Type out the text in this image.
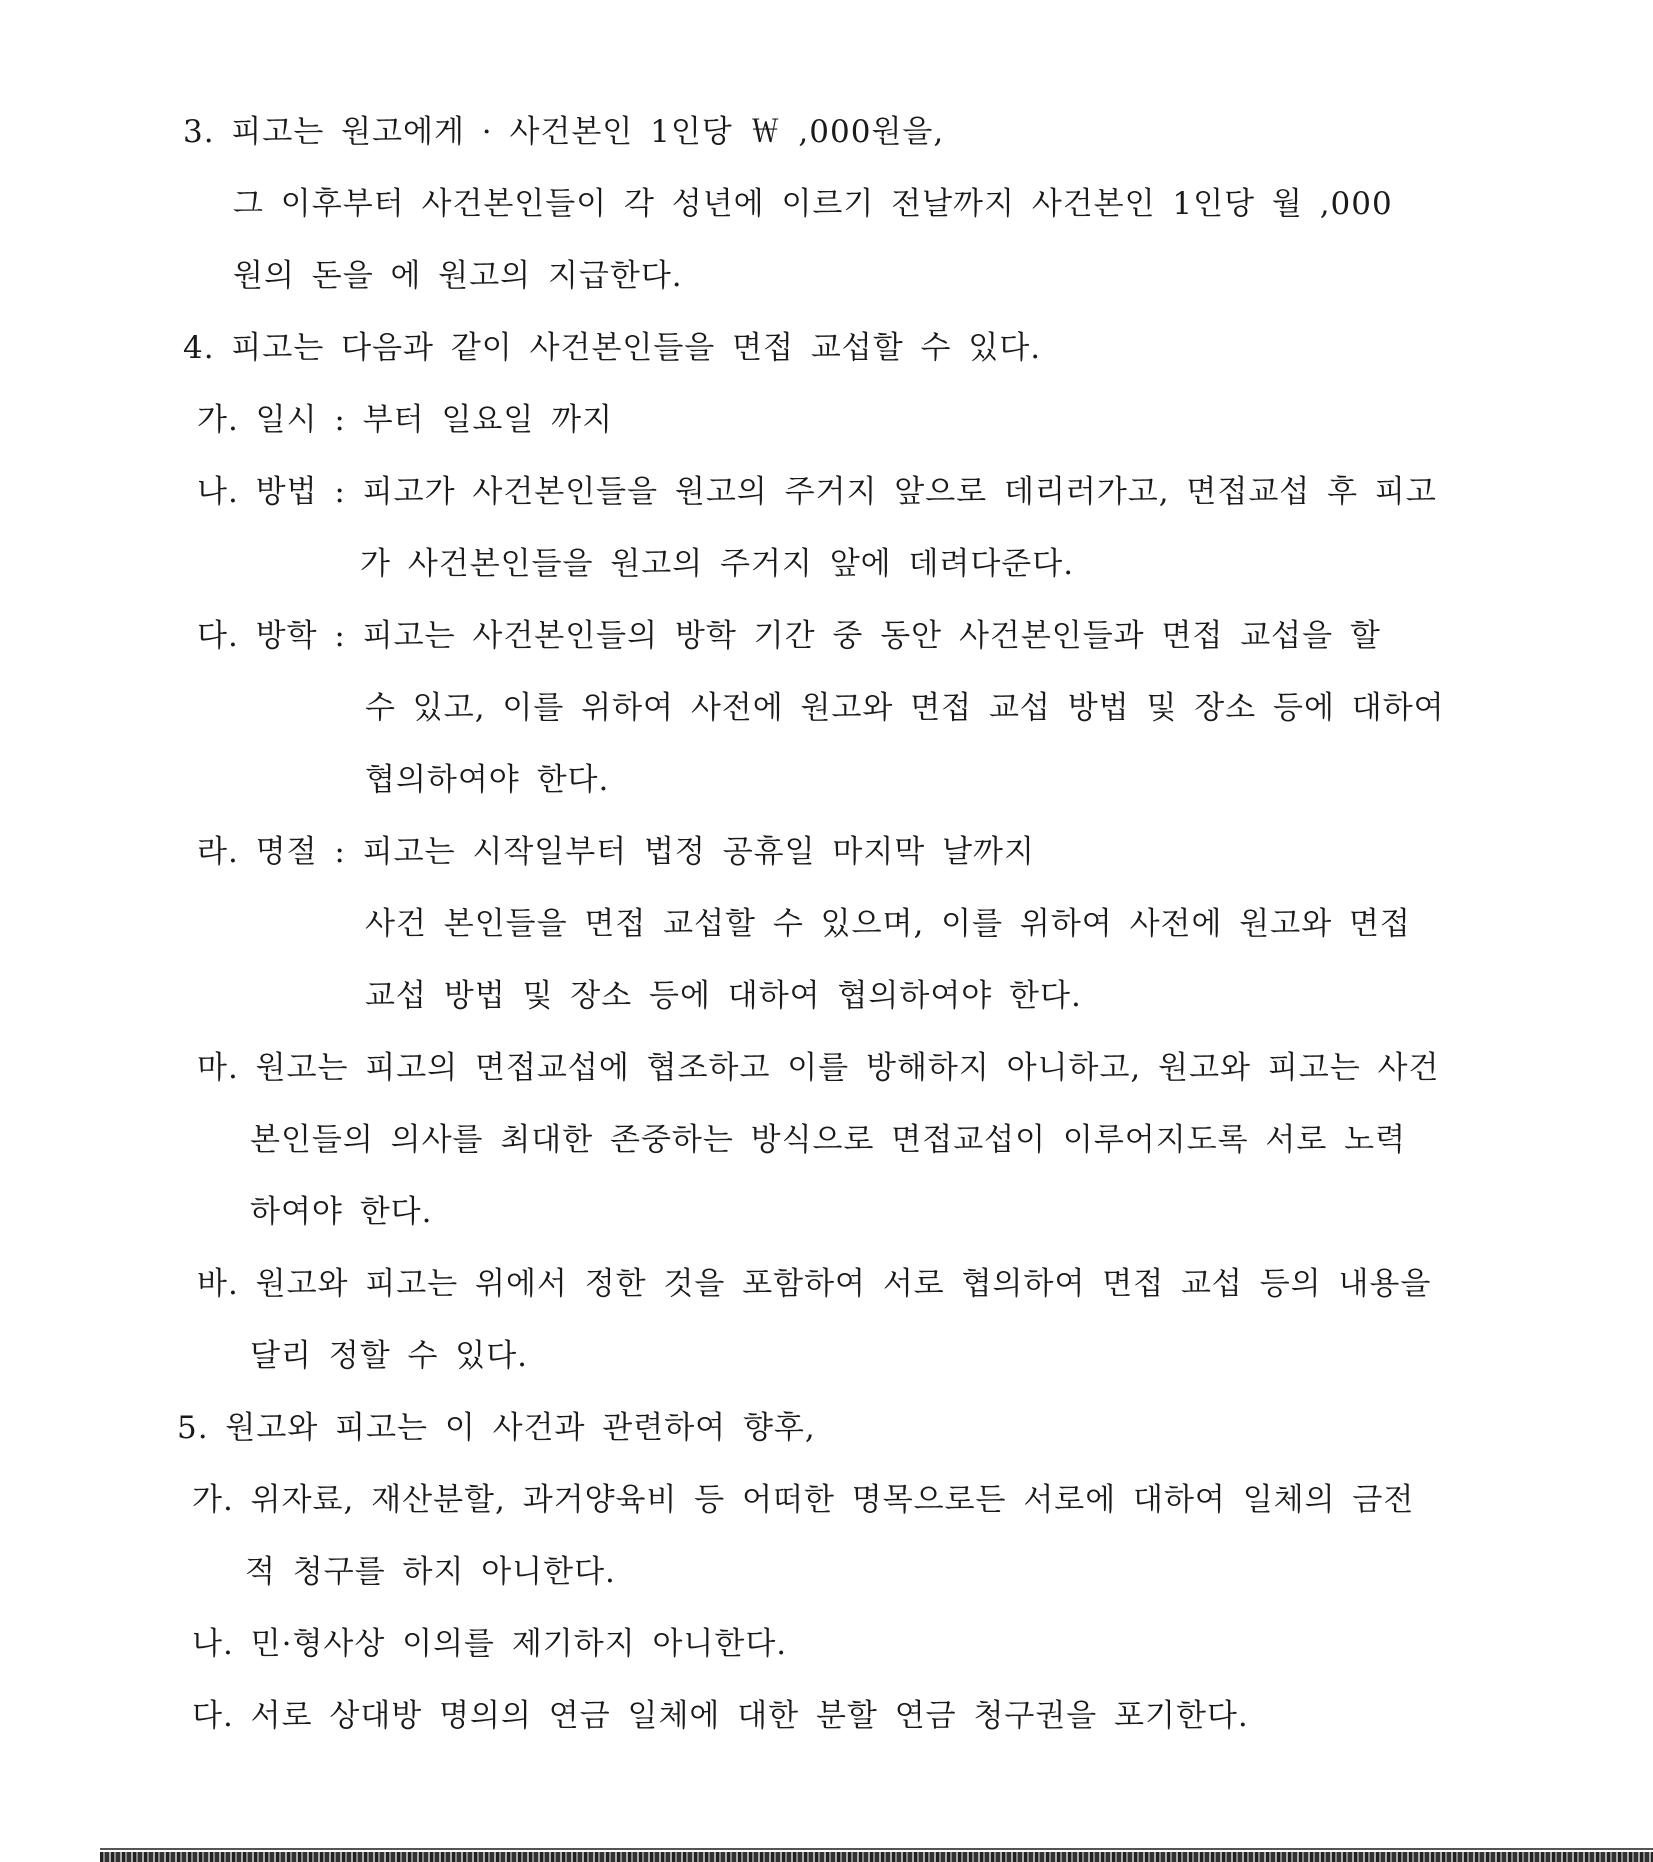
3. 피고는 원고에게 · 사건본인 1인당 ￦ ,000원을,
그 이후부터 사건본인들이 각 성년에 이르기 전날까지 사건본인 1인당 월 ,000
원의 돈을 에 원고의 지급한다.
4. 피고는 다음과 같이 사건본인들을 면접 교섭할 수 있다.
가. 일시 : 부터 일요일 까지
나. 방법 : 피고가 사건본인들을 원고의 주거지 앞으로 데리러가고, 면접교섭 후 피고
가 사건본인들을 원고의 주거지 앞에 데려다준다.
다. 방학 : 피고는 사건본인들의 방학 기간 중 동안 사건본인들과 면접 교섭을 할
수 있고, 이를 위하여 사전에 원고와 면접 교섭 방법 및 장소 등에 대하여
협의하여야 한다.
라. 명절 : 피고는 시작일부터 법정 공휴일 마지막 날까지
사건 본인들을 면접 교섭할 수 있으며, 이를 위하여 사전에 원고와 면접
교섭 방법 및 장소 등에 대하여 협의하여야 한다.
마. 원고는 피고의 면접교섭에 협조하고 이를 방해하지 아니하고, 원고와 피고는 사건
본인들의 의사를 최대한 존중하는 방식으로 면접교섭이 이루어지도록 서로 노력
하여야 한다.
바. 원고와 피고는 위에서 정한 것을 포함하여 서로 협의하여 면접 교섭 등의 내용을
달리 정할 수 있다.
5. 원고와 피고는 이 사건과 관련하여 향후,
가. 위자료, 재산분할, 과거양육비 등 어떠한 명목으로든 서로에 대하여 일체의 금전
적 청구를 하지 아니한다.
나. 민·형사상 이의를 제기하지 아니한다.
다. 서로 상대방 명의의 연금 일체에 대한 분할 연금 청구권을 포기한다.
